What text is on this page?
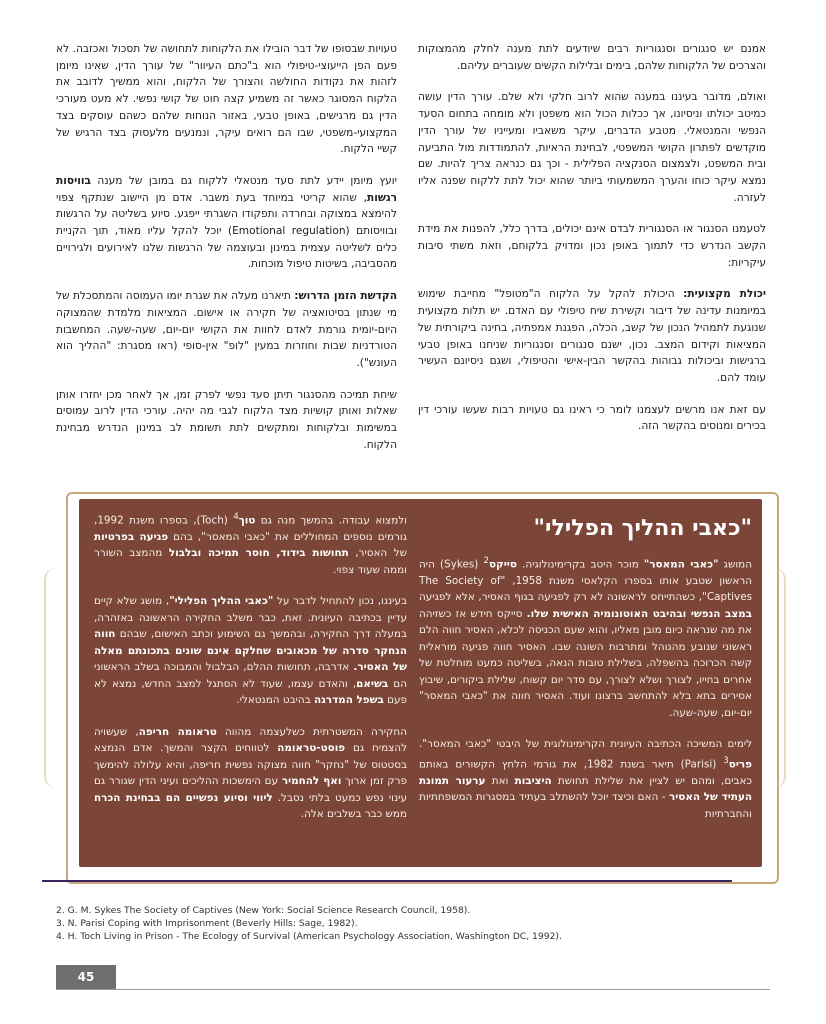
אמנם יש סנגורים וסנגוריות רבים שיודעים לתת מענה לחלק מהמצוקות והצרכים של הלקוחות שלהם, בימים ובלילות הקשים שעוברים עליהם.

ואולם, מדובר בעיננו במענה שהוא לרוב חלקי ולא שלם. עורך הדין עושה כמיטב יכולתו וניסיונו, אך ככלות הכול הוא משפטן ולא מומחה בתחום הסעד הנפשי והמנטאלי. מטבע הדברים, עיקר משאביו ומעייניו של עורך הדין מוקדשים לפתרון הקושי המשפטי, לבחינת הראיות, להתמודדות מול התביעה ובית המשפט, ולצמצום הסנקציה הפלילית - וכך גם כנראה צריך להיות. שם נמצא עיקר כוחו והערך המשמעותי ביותר שהוא יכול לתת ללקוח שפנה אליו לעזרה.

לטעמנו הסנגור או הסנגורית לבדם אינם יכולים, בדרך כלל, להפנות את מידת הקשב הנדרש כדי לתמוך באופן נכון ומדויק בלקוחם, וזאת משתי סיבות עיקריות:

יכולת מקצועית: היכולת להקל על הלקוח ה"מטופל" מחייבת שימוש במיומנות עדינה של דיבור וקשירת שיח טיפולי עם האדם. יש תלות מקצועית שנוגעת לתמהיל הנכון של קשב, הכלה, הפגנת אמפתיה, בחינה ביקורתית של המציאות וקידום המצב. נכון, ישנם סנגורים וסנגוריות שניחנו באופן טבעי ברגישות וביכולות גבוהות בהקשר הבין-אישי והטיפולי, ושגם ניסיונם העשיר עומד להם.

עם זאת אנו מרשים לעצמנו לומר כי ראינו גם טעויות רבות שעשו עורכי דין בכירים ומנוסים בהקשר הזה.

טעויות שבסופו של דבר הובילו את הלקוחות לתחושה של תסכול ואכזבה. לא פעם הפן הייעוצי-טיפולי הוא ב"כתם העיוור" של עורך הדין, שאינו מיומן לזהות את נקודות החולשה והצורך של הלקוח, והוא ממשיך לדובב את הלקוח המסוגר כאשר זה משמיע קצה חוט של קושי נפשי. לא מעט מעורכי הדין גם מרגישים, באופן טבעי, באזור הנוחות שלהם כשהם עוסקים בצד המקצועי-משפטי, שבו הם רואים עיקר, ונמנעים מלעסוק בצד הרגיש של קשיי הלקוח.

יועץ מיומן יידע לתת סעד מנטאלי ללקוח גם במובן של מענה בוויסות רגשות, שהוא קריטי במיוחד בעת משבר. אדם מן היישוב שנתקף צפוי להימצא במצוקה ובחרדה ותפקודו השגרתי ייפגע. סיוע בשליטה על הרגשות ובוויסותם (Emotional regulation) יוכל להקל עליו מאוד, תוך הקניית כלים לשליטה עצמית במינון ובעוצמה של הרגשות שלנו לאירועים ולגירויים מהסביבה, בשיטות טיפול מוכחות.

הקדשת הזמן הדרוש: תיארנו מעלה את שגרת יומו העמוסה והמתסכלת של מי שנתון בסיטואציה של חקירה או אישום. המציאות מלמדת שהמצוקה היום-יומית גורמת לאדם לחוות את הקושי יום-יום, שעה-שעה. המחשבות הטורדניות שבות וחוזרות במעין "לופ" אין-סופי (ראו מסגרת: "ההליך הוא העונש").

שיחת תמיכה מהסנגור תיתן סעד נפשי לפרק זמן, אך לאחר מכן יחזרו אותן שאלות ואותן קושיות מצד הלקוח לגבי מה יהיה. עורכי הדין לרוב עמוסים במשימות ובלקוחות ומתקשים לתת תשומת לב במינון הנדרש מבחינת הלקוח.

"כאבי ההליך הפלילי"

המושג "כאבי המאסר" מוכר היטב בקרימינולוגיה. סייקס$^2$ (Sykes) היה הראשון שטבע אותו בספרו הקלאסי משנת 1958, "The Society of Captives", כשהתייחס לראשונה לא רק לפגיעה בגוף האסיר, אלא לפגיעה במצב הנפשי ובהיבט האוטונומיה האישית שלו. סייקס חידש אז כשזיהה את מה שנראה כיום מובן מאליו, והוא שעם הכניסה לכלא, האסיר חווה הלם ראשוני שנובע מהנוהל ומתרבות השונה שבו. האסיר חווה פגיעה מוראלית קשה הכרוכה בהשפלה, בשלילת טובות הנאה, בשליטה כמעט מוחלטת של אחרים בחייו, לצורך ושלא לצורך, עם סדר יום קשוח, שלילת ביקורים, שיבוץ אסירים בתא בלא להתחשב ברצונו ועוד. האסיר חווה את "כאבי המאסר" יום-יום, שעה-שעה.

לימים המשיכה הכתיבה העיונית הקרימינולוגית של היבטי "כאבי המאסר". פריס$^3$ (Parisi) תיאר בשנת 1982, את גורמי הלחץ הקשורים באותם כאבים, ומהם יש לציין את שלילת תחושת היציבות ואת ערעור תמונת העתיד של האסיר - האם וכיצד יוכל להשתלב בעתיד במסגרות המשפחתיות והחברתיות

ולמצוא עבודה. בהמשך מנה גם טוך$^4$ (Toch), בספרו משנת 1992, גורמים נוספים המחוללים את "כאבי המאסר", בהם פגיעה בפרטיות של האסיר, תחושות בידוד, חוסר תמיכה ובלבול מהמצב השורר וממה שעוד צפוי.

בעיננו, נכון להתחיל לדבר על "כאבי ההליך הפלילי", מושג שלא קיים עדיין בכתיבה העיונית. זאת, כבר משלב החקירה הראשונה באזהרה, במעלה דרך החקירה, ובהמשך גם השימוע וכתב האישום, שבהם חווה הנחקר סדרה של מכאובים שחלקם אינם שונים בתכונתם מאלה של האסיר. אדרבה, תחושות ההלם, הבלבול והמבוכה בשלב הראשוני הם בשיאם, והאדם עצמו, שעוד לא הסתגל למצב החדש, נמצא לא פעם בשפל המדרגה בהיבט המנטאלי.

החקירה המשטרתית כשלעצמה מהווה טראומה חריפה, שעשויה להצמיח גם פוסט-טראומה לטווחים הקצר והמשך. אדם הנמצא בסטטוס של "נחקר" חווה מצוקה נפשית חריפה, והיא עלולה להימשך פרק זמן ארוך ואף להחמיר עם הימשכות ההליכים ועיני הדין שגורר גם עינוי נפש כמעט בלתי נסבל. ליווי וסיוע נפשיים הם בבחינת הכרח ממש כבר בשלבים אלה.

2. G. M. Sykes The Society of Captives (New York: Social Science Research Council, 1958).
3. N. Parisi Coping with Imprisonment (Beverly Hills: Sage, 1982).
4. H. Toch Living in Prison - The Ecology of Survival (American Psychology Association, Washington DC, 1992).
45
